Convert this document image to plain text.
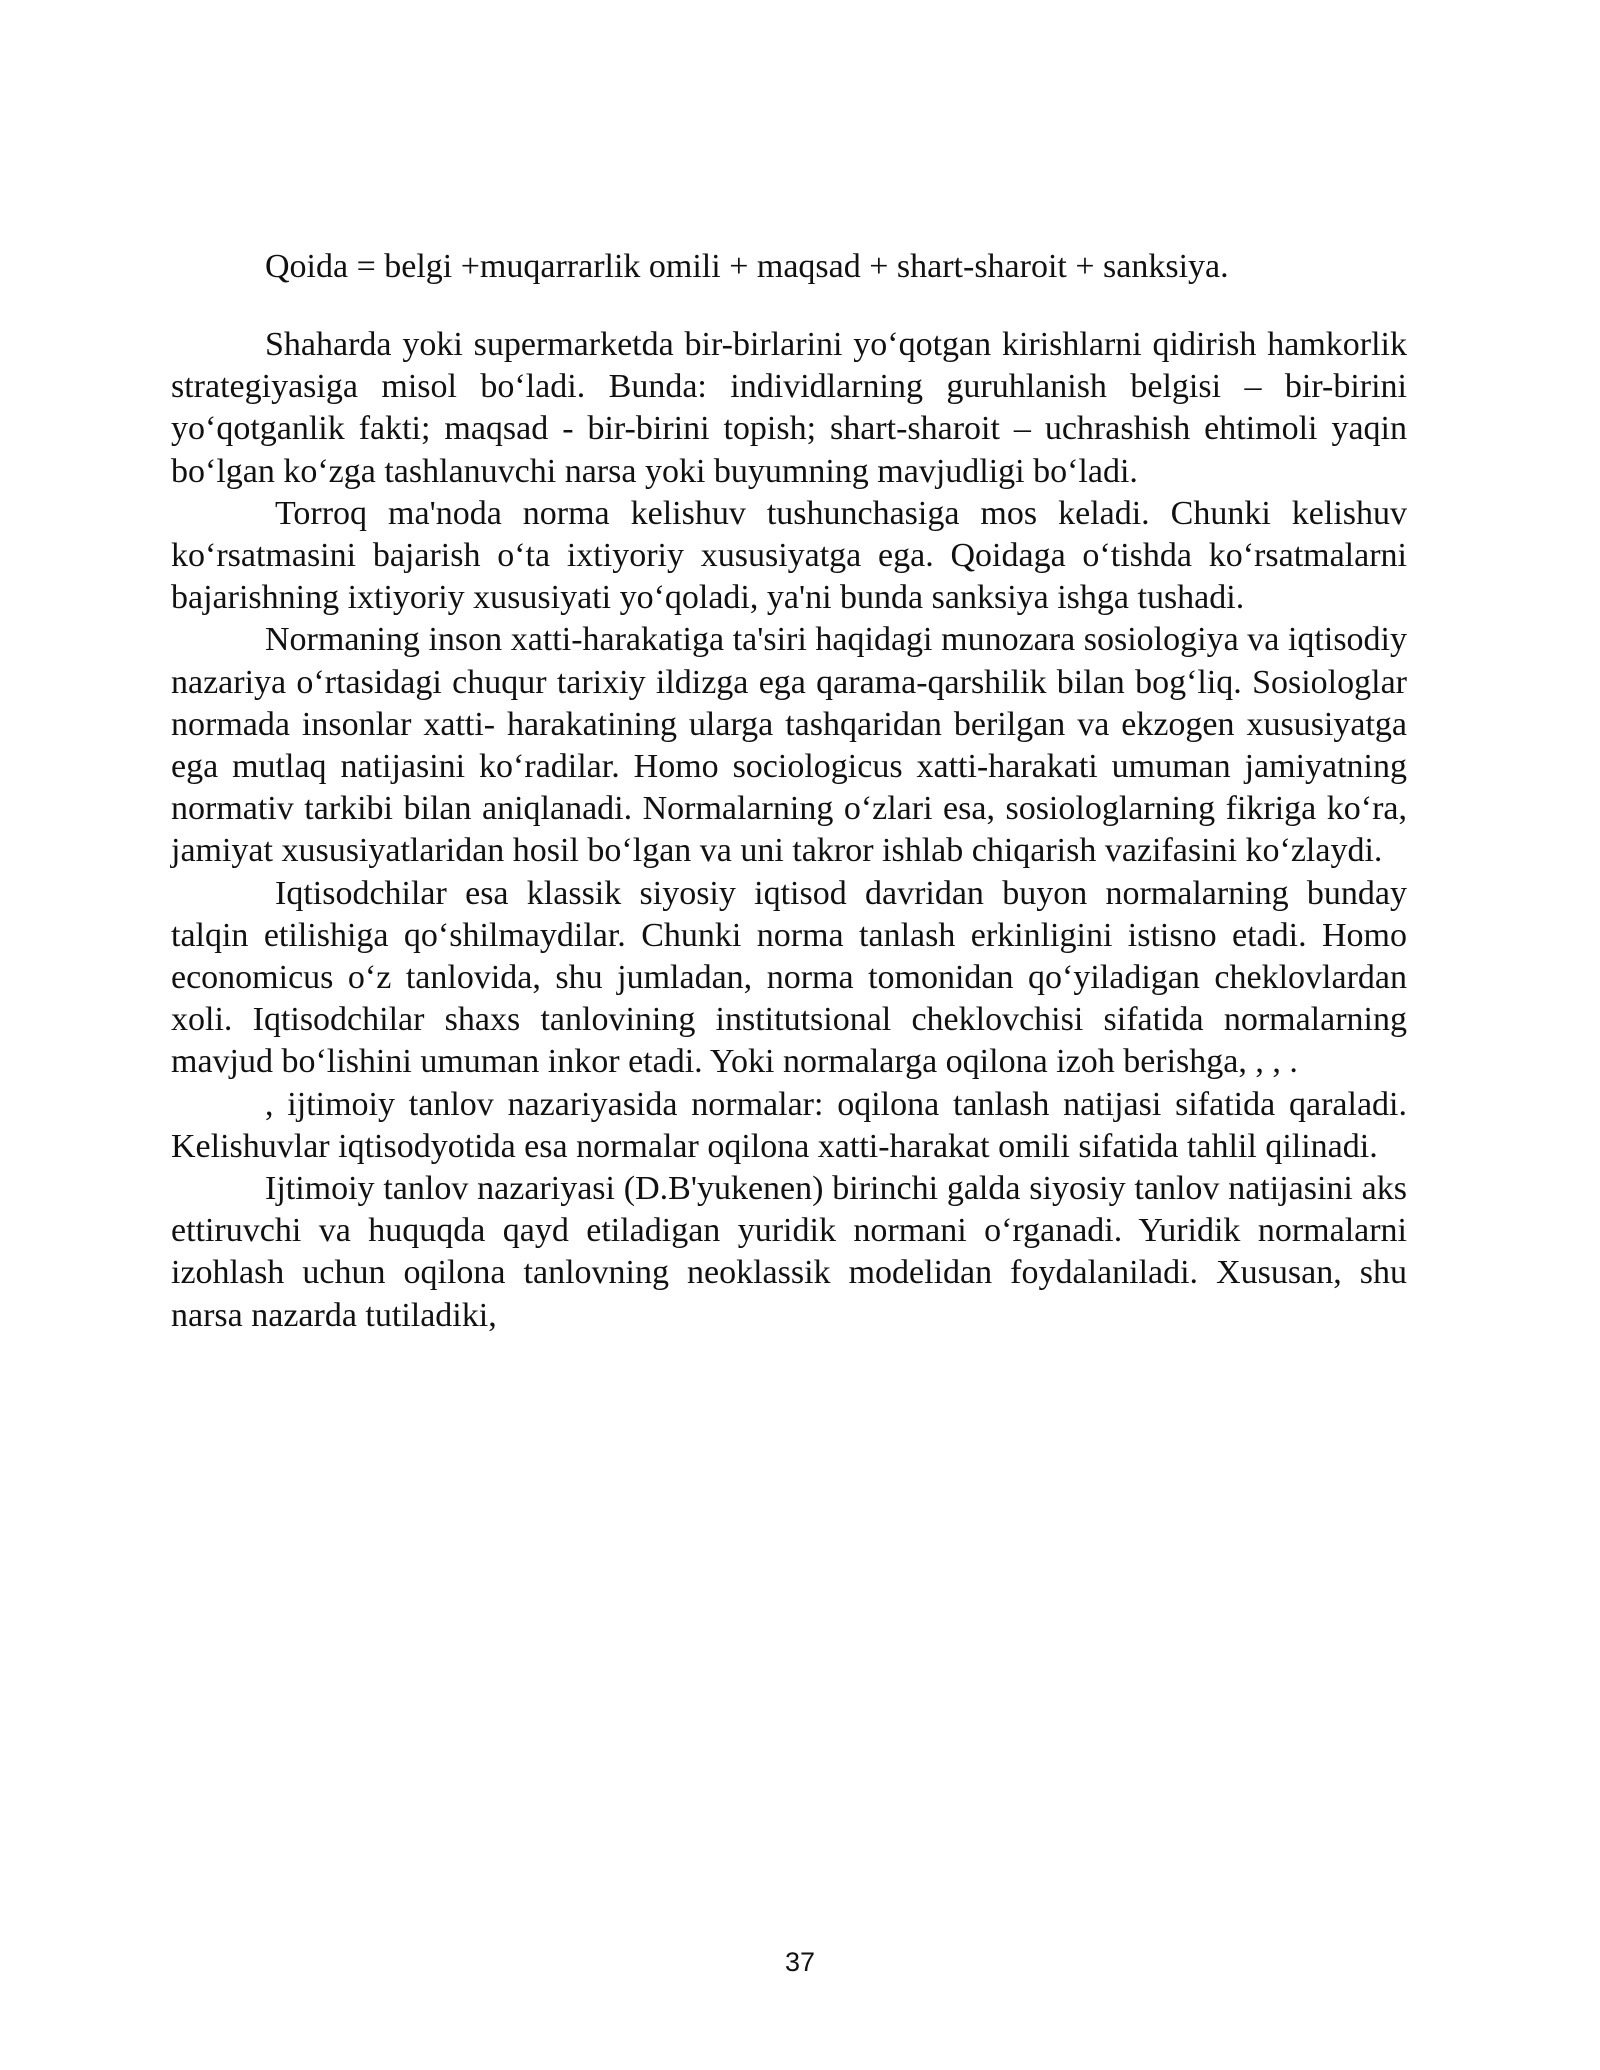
Qoida = belgi +muqarrarlik omili + maqsad + shart-sharoit + sanksiya.

Shaharda yoki supermarketda bir-birlarini yo‘qotgan kirishlarni qidirish hamkorlik strategiyasiga misol bo‘ladi. Bunda: individlarning guruhlanish belgisi – bir-birini yo‘qotganlik fakti; maqsad - bir-birini topish; shart-sharoit – uchrashish ehtimoli yaqin bo‘lgan ko‘zga tashlanuvchi narsa yoki buyumning mavjudligi bo‘ladi.

Torroq ma'noda norma kelishuv tushunchasiga mos keladi. Chunki kelishuv ko‘rsatmasini bajarish o‘ta ixtiyoriy xususiyatga ega. Qoidaga o‘tishda ko‘rsatmalarni bajarishning ixtiyoriy xususiyati yo‘qoladi, ya'ni bunda sanksiya ishga tushadi.

Normaning inson xatti-harakatiga ta'siri haqidagi munozara sosiologiya va iqtisodiy nazariya o‘rtasidagi chuqur tarixiy ildizga ega qarama-qarshilik bilan bog‘liq. Sosiologlar normada insonlar xatti- harakatining ularga tashqaridan berilgan va ekzogen xususiyatga ega mutlaq natijasini ko‘radilar. Homo sociologicus xatti-harakati umuman jamiyatning normativ tarkibi bilan aniqlanadi. Normalarning o‘zlari esa, sosiologlarning fikriga ko‘ra, jamiyat xususiyatlaridan hosil bo‘lgan va uni takror ishlab chiqarish vazifasini ko‘zlaydi.

Iqtisodchilar esa klassik siyosiy iqtisod davridan buyon normalarning bunday talqin etilishiga qo‘shilmaydilar. Chunki norma tanlash erkinligini istisno etadi. Homo economicus o‘z tanlovida, shu jumladan, norma tomonidan qo‘yiladigan cheklovlardan xoli. Iqtisodchilar shaxs tanlovining institutsional cheklovchisi sifatida normalarning mavjud bo‘lishini umuman inkor etadi. Yoki normalarga oqilona izoh berishga, , , .

, ijtimoiy tanlov nazariyasida normalar: oqilona tanlash natijasi sifatida qaraladi. Kelishuvlar iqtisodyotida esa normalar oqilona xatti-harakat omili sifatida tahlil qilinadi.

Ijtimoiy tanlov nazariyasi (D.B'yukenen) birinchi galda siyosiy tanlov natijasini aks ettiruvchi va huquqda qayd etiladigan yuridik normani o‘rganadi. Yuridik normalarni izohlash uchun oqilona tanlovning neoklassik modelidan foydalaniladi. Xususan, shu narsa nazarda tutiladiki,

37
